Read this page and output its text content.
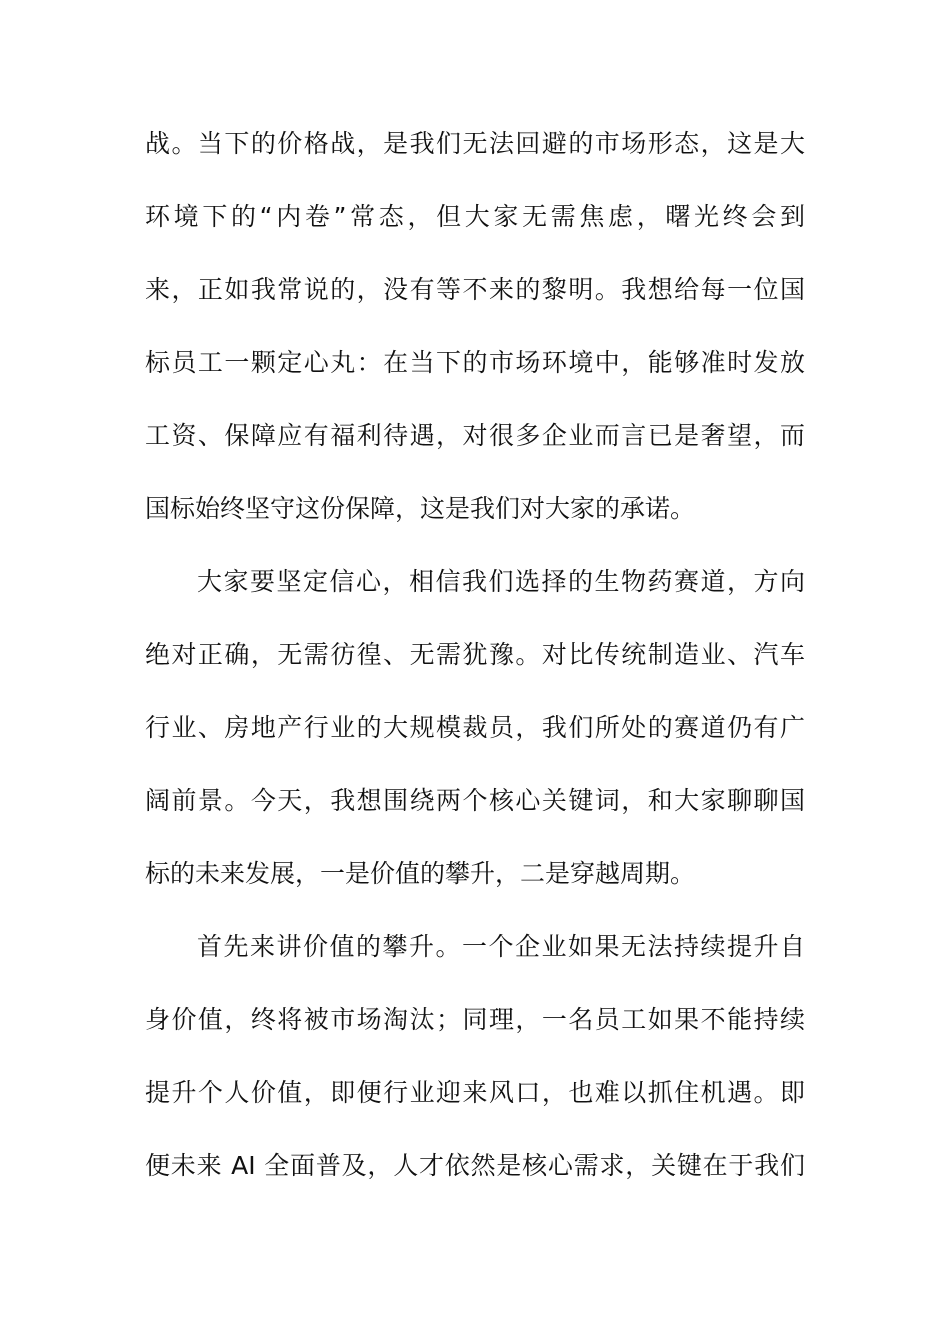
战。当下的价格战，是我们无法回避的市场形态，这是大
环境下的“内卷”常态，但大家无需焦虑，曙光终会到
来，正如我常说的，没有等不来的黎明。我想给每一位国
标员工一颗定心丸：在当下的市场环境中，能够准时发放
工资、保障应有福利待遇，对很多企业而言已是奢望，而
国标始终坚守这份保障，这是我们对大家的承诺。
大家要坚定信心，相信我们选择的生物药赛道，方向
绝对正确，无需彷徨、无需犹豫。对比传统制造业、汽车
行业、房地产行业的大规模裁员，我们所处的赛道仍有广
阔前景。今天，我想围绕两个核心关键词，和大家聊聊国
标的未来发展，一是价值的攀升，二是穿越周期。
首先来讲价值的攀升。一个企业如果无法持续提升自
身价值，终将被市场淘汰；同理，一名员工如果不能持续
提升个人价值，即便行业迎来风口，也难以抓住机遇。即
便未来 AI 全面普及，人才依然是核心需求，关键在于我们
